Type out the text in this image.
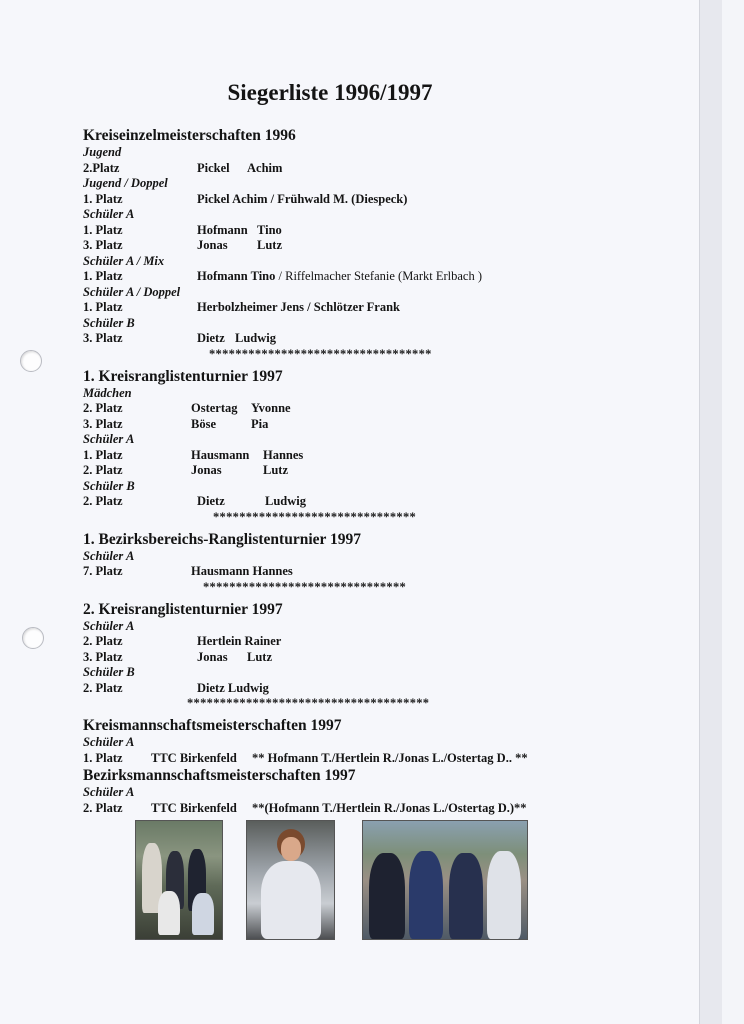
Siegerliste 1996/1997
Kreiseinzelmeisterschaften 1996
Jugend
2.Platz	Pickel Achim
Jugend / Doppel
1. Platz	Pickel Achim / Frühwald M. (Diespeck)
Schüler A
1. Platz	Hofmann Tino
3. Platz	Jonas Lutz
Schüler A / Mix
1. Platz	Hofmann Tino / Riffelmacher Stefanie (Markt Erlbach )
Schüler A / Doppel
1. Platz	Herbolzheimer Jens / Schlötzer Frank
Schüler B
3. Platz	Dietz Ludwig
**********************************
1. Kreisranglistenturnier 1997
Mädchen
2. Platz	Ostertag Yvonne
3. Platz	Böse	Pia
Schüler A
1. Platz	Hausmann Hannes
2. Platz	Jonas	Lutz
Schüler B
2. Platz	Dietz	Ludwig
*******************************
1. Bezirksbereichs-Ranglistenturnier 1997
Schüler A
7. Platz	Hausmann Hannes
*******************************
2. Kreisranglistenturnier 1997
Schüler A
2. Platz	Hertlein Rainer
3. Platz	Jonas Lutz
Schüler B
2. Platz	Dietz Ludwig
*************************************
Kreismannschaftsmeisterschaften 1997
Schüler A
1. Platz TTC Birkenfeld ** Hofmann T./Hertlein R./Jonas L./Ostertag D.. **
Bezirksmannschaftsmeisterschaften 1997
Schüler A
2. Platz TTC Birkenfeld **(Hofmann T./Hertlein R./Jonas L./Ostertag D.)**
.
